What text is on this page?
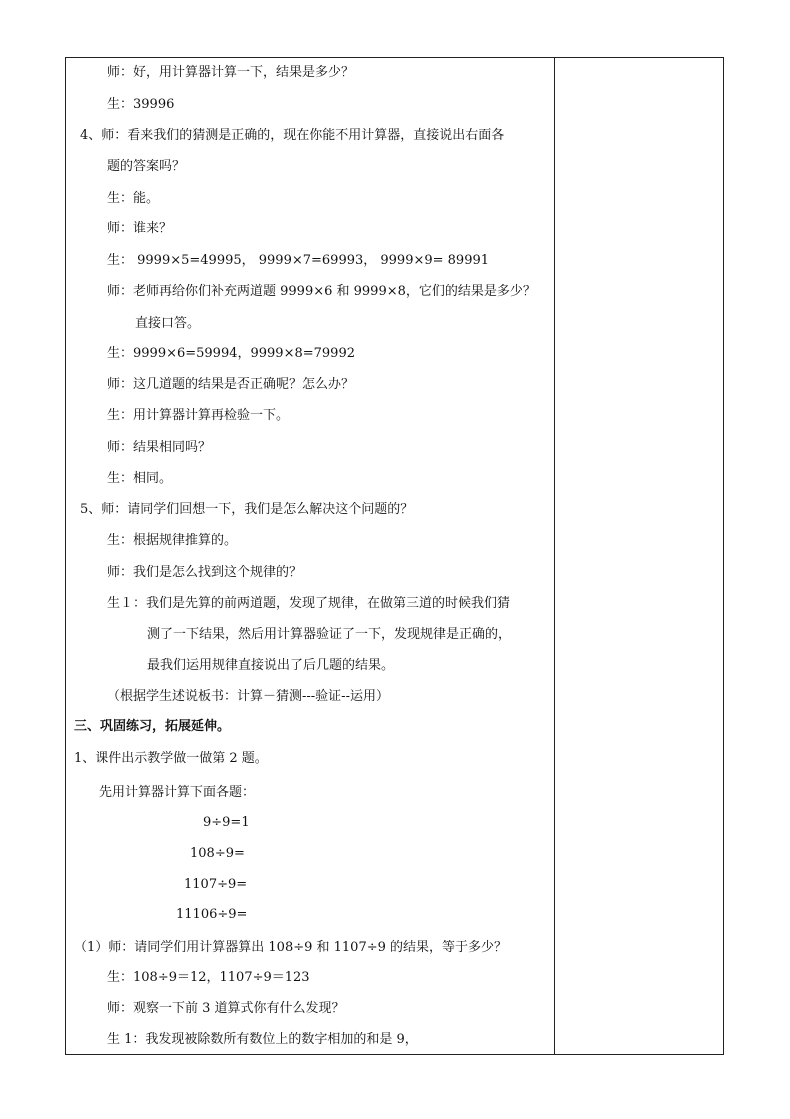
师：好，用计算器计算一下，结果是多少？
生：39996
4、师：看来我们的猜测是正确的，现在你能不用计算器，直接说出右面各
题的答案吗？
生：能。
师：谁来？
生： 9999×5=49995， 9999×7=69993， 9999×9= 89991
师：老师再给你们补充两道题 9999×6 和 9999×8，它们的结果是多少？
直接口答。
生：9999×6=59994，9999×8=79992
师：这几道题的结果是否正确呢？怎么办？
生：用计算器计算再检验一下。
师：结果相同吗？
生：相同。
5、师：请同学们回想一下，我们是怎么解决这个问题的？
生：根据规律推算的。
师：我们是怎么找到这个规律的？
生１：我们是先算的前两道题，发现了规律，在做第三道的时候我们猜
测了一下结果，然后用计算器验证了一下，发现规律是正确的，
最我们运用规律直接说出了后几题的结果。
（根据学生述说板书：计算－猜测---验证--运用）
三、巩固练习，拓展延伸。
1、课件出示教学做一做第 2 题。
先用计算器计算下面各题：
9÷9=1
108÷9=
1107÷9=
11106÷9=
（1）师：请同学们用计算器算出 108÷9 和 1107÷9 的结果，等于多少？
生：108÷9＝12，1107÷9＝123
师：观察一下前 3 道算式你有什么发现？
生 1：我发现被除数所有数位上的数字相加的和是 9，
